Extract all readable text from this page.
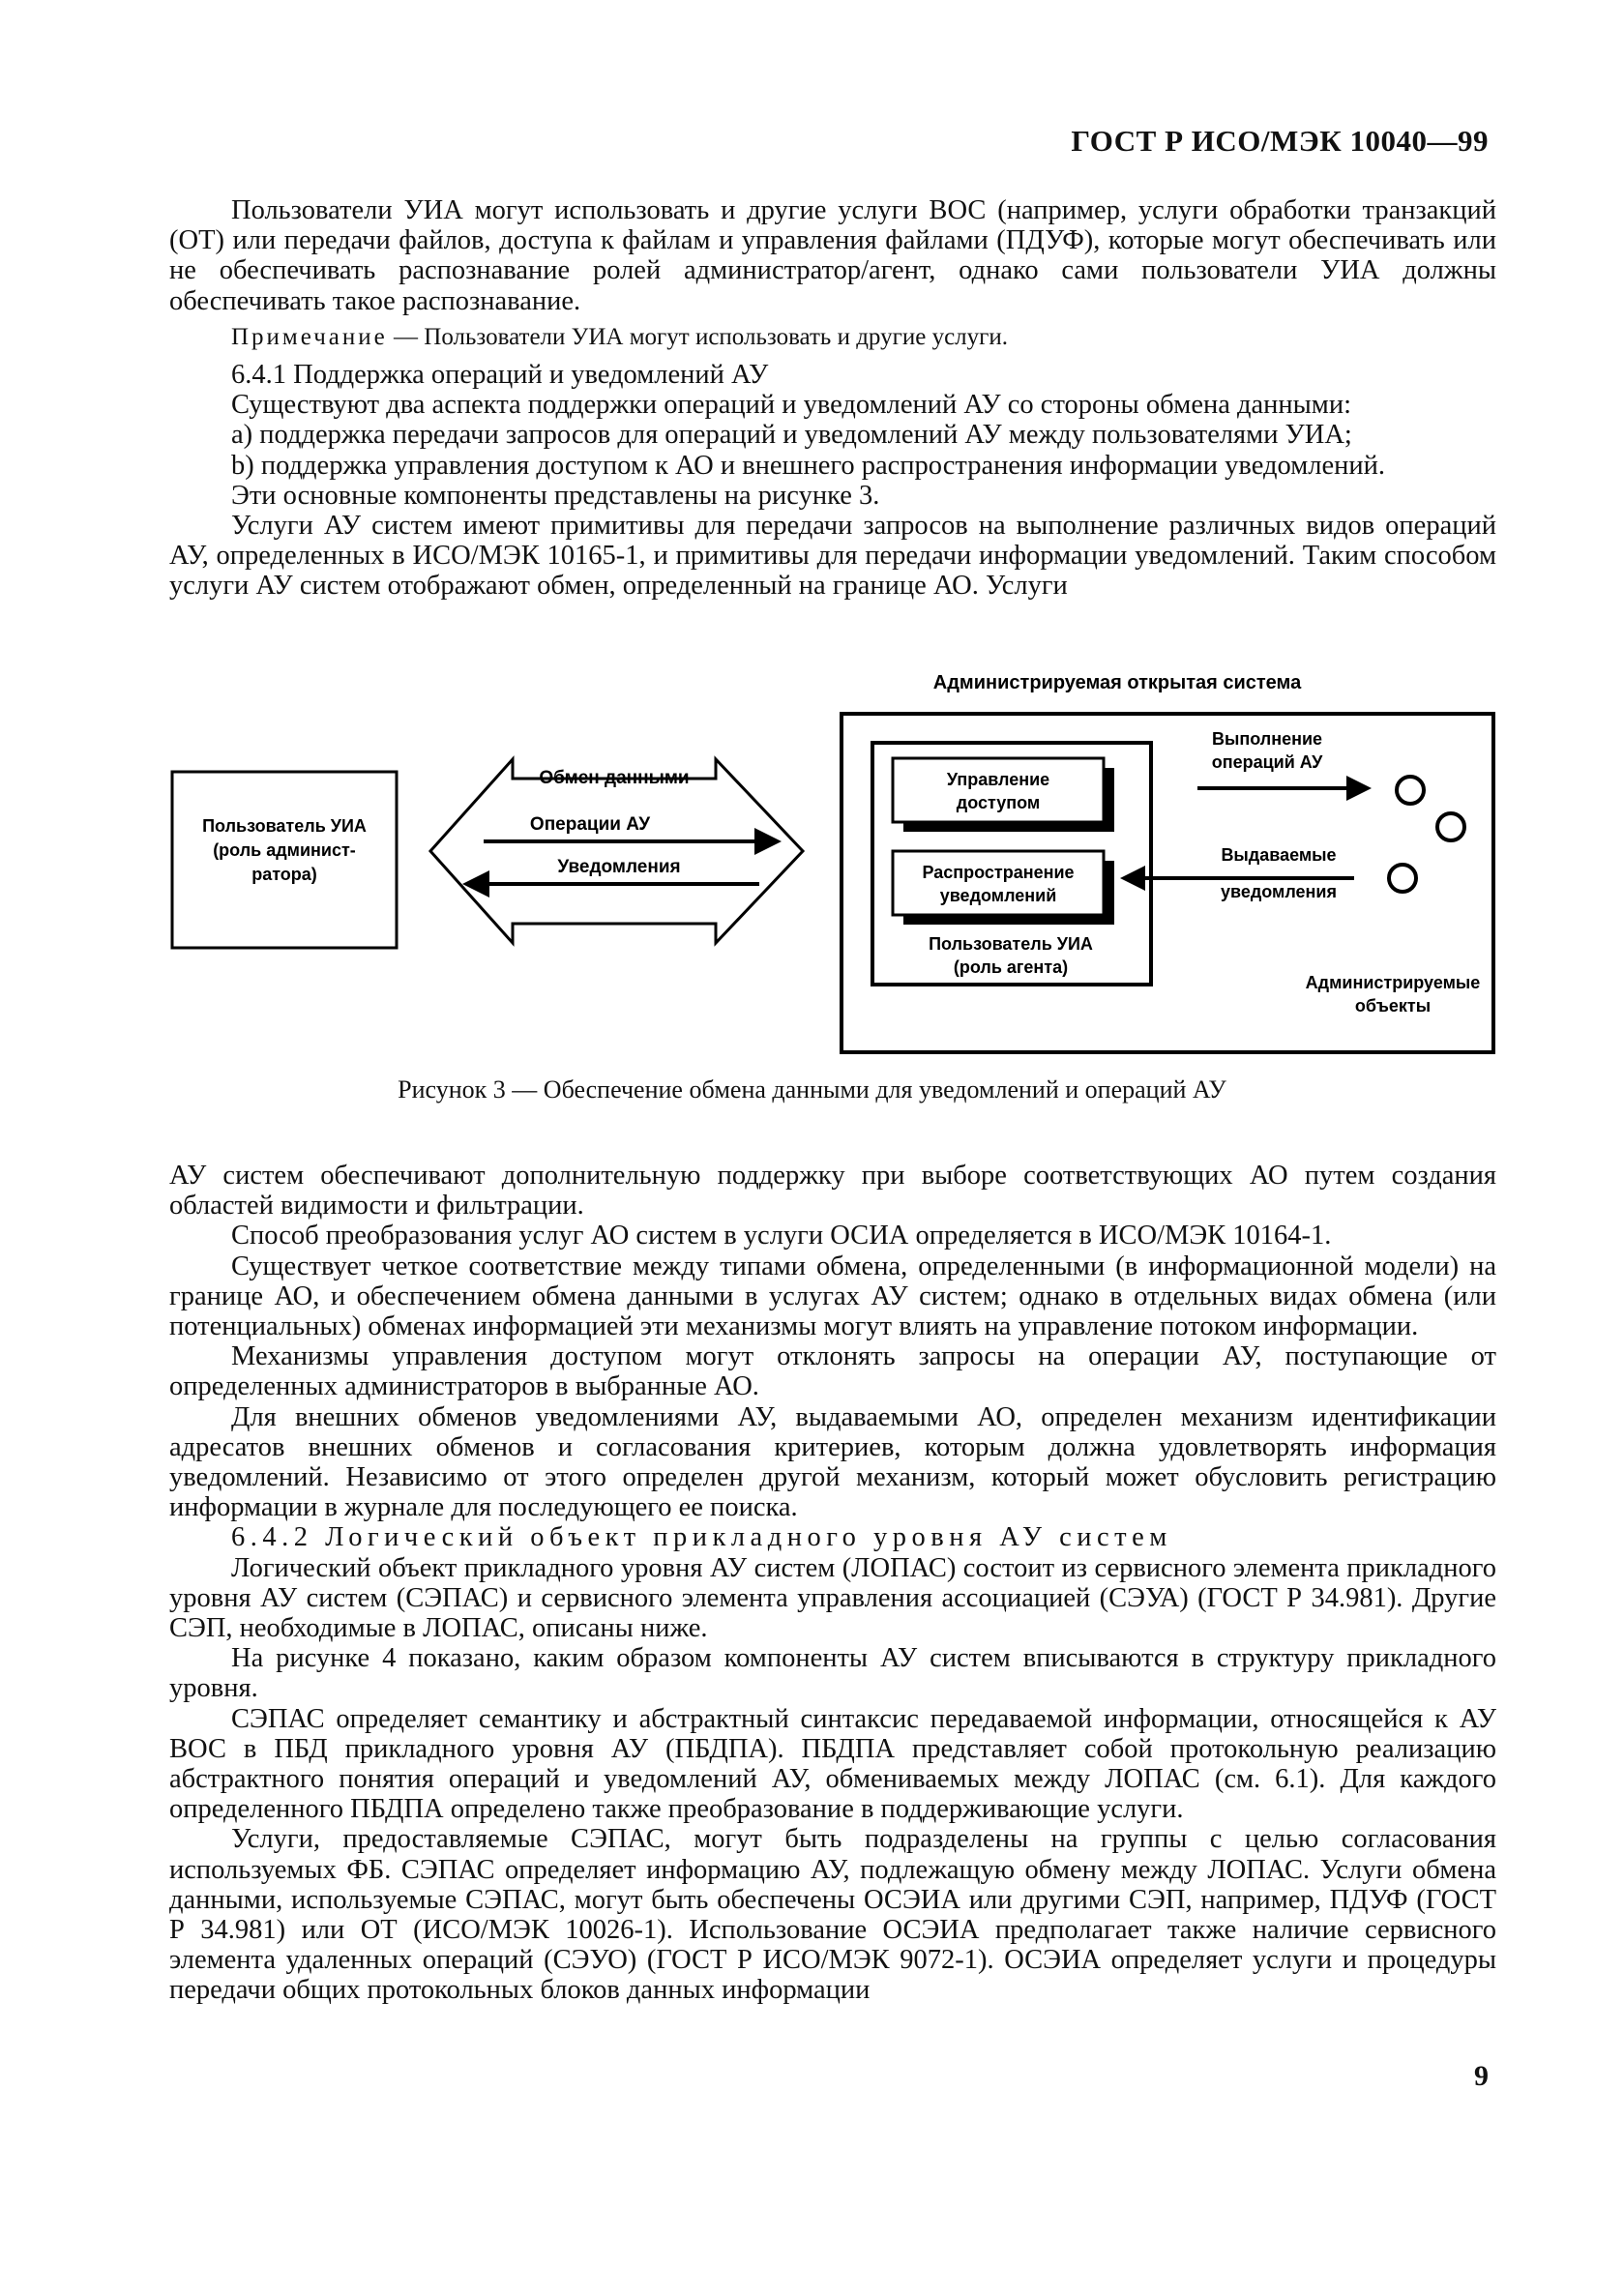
ГОСТ Р ИСО/МЭК 10040—99

Пользователи УИА могут использовать и другие услуги ВОС (например, услуги обработки транзакций (ОТ) или передачи файлов, доступа к файлам и управления файлами (ПДУФ), которые могут обеспечивать или не обеспечивать распознавание ролей администратор/агент, однако сами пользователи УИА должны обеспечивать такое распознавание.

Примечание — Пользователи УИА могут использовать и другие услуги.

6.4.1 Поддержка операций и уведомлений АУ

Существуют два аспекта поддержки операций и уведомлений АУ со стороны обмена данными:

a) поддержка передачи запросов для операций и уведомлений АУ между пользователями УИА;

b) поддержка управления доступом к АО и внешнего распространения информации уведомлений.

Эти основные компоненты представлены на рисунке 3.

Услуги АУ систем имеют примитивы для передачи запросов на выполнение различных видов операций АУ, определенных в ИСО/МЭК 10165-1, и примитивы для передачи информации уведомлений. Таким способом услуги АУ систем отображают обмен, определенный на границе АО. Услуги

Администрируемая открытая система
Пользователь УИА
(роль админист-
ратора)
Обмен данными
Операции АУ
Уведомления
Управление
доступом
Распространение
уведомлений
Пользователь УИА
(роль агента)
Выполнение
операций АУ
Выдаваемые
уведомления
Администрируемые
объекты
Рисунок 3 — Обеспечение обмена данными для уведомлений и операций АУ

АУ систем обеспечивают дополнительную поддержку при выборе соответствующих АО путем создания областей видимости и фильтрации.

Способ преобразования услуг АО систем в услуги ОСИА определяется в ИСО/МЭК 10164-1.

Существует четкое соответствие между типами обмена, определенными (в информационной модели) на границе АО, и обеспечением обмена данными в услугах АУ систем; однако в отдельных видах обмена (или потенциальных) обменах информацией эти механизмы могут влиять на управление потоком информации.

Механизмы управления доступом могут отклонять запросы на операции АУ, поступающие от определенных администраторов в выбранные АО.

Для внешних обменов уведомлениями АУ, выдаваемыми АО, определен механизм идентификации адресатов внешних обменов и согласования критериев, которым должна удовлетворять информация уведомлений. Независимо от этого определен другой механизм, который может обусловить регистрацию информации в журнале для последующего ее поиска.

6.4.2 Логический объект прикладного уровня АУ систем

Логический объект прикладного уровня АУ систем (ЛОПАС) состоит из сервисного элемента прикладного уровня АУ систем (СЭПАС) и сервисного элемента управления ассоциацией (СЭУА) (ГОСТ Р 34.981). Другие СЭП, необходимые в ЛОПАС, описаны ниже.

На рисунке 4 показано, каким образом компоненты АУ систем вписываются в структуру прикладного уровня.

СЭПАС определяет семантику и абстрактный синтаксис передаваемой информации, относящейся к АУ ВОС в ПБД прикладного уровня АУ (ПБДПА). ПБДПА представляет собой протокольную реализацию абстрактного понятия операций и уведомлений АУ, обмениваемых между ЛОПАС (см. 6.1). Для каждого определенного ПБДПА определено также преобразование в поддерживающие услуги.

Услуги, предоставляемые СЭПАС, могут быть подразделены на группы с целью согласования используемых ФБ. СЭПАС определяет информацию АУ, подлежащую обмену между ЛОПАС. Услуги обмена данными, используемые СЭПАС, могут быть обеспечены ОСЭИА или другими СЭП, например, ПДУФ (ГОСТ Р 34.981) или ОТ (ИСО/МЭК 10026-1). Использование ОСЭИА предполагает также наличие сервисного элемента удаленных операций (СЭУО) (ГОСТ Р ИСО/МЭК 9072-1). ОСЭИА определяет услуги и процедуры передачи общих протокольных блоков данных информации

9
